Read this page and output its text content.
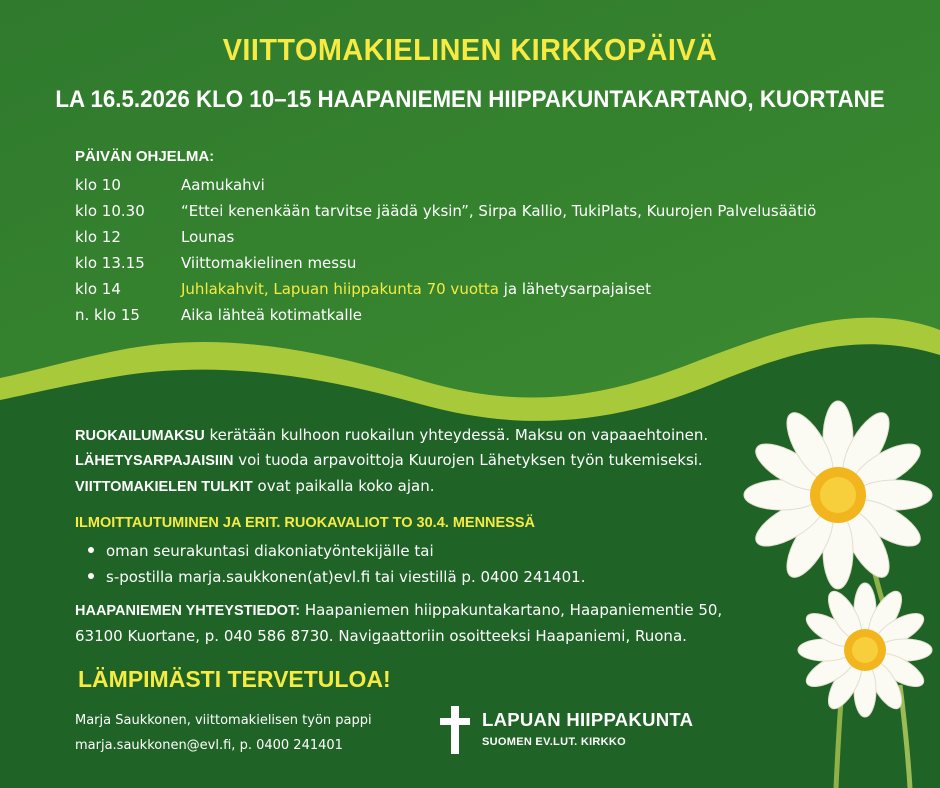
VIITTOMAKIELINEN KIRKKOPÄIVÄ
LA 16.5.2026 KLO 10–15 HAAPANIEMEN HIIPPAKUNTAKARTANO, KUORTANE
PÄIVÄN OHJELMA:
klo 10	Aamukahvi
klo 10.30 “Ettei kenenkään tarvitse jäädä yksin”, Sirpa Kallio, TukiPlats, Kuurojen Palvelusäätiö
klo 12	Lounas
klo 13.15 Viittomakielinen messu
klo 14	Juhlakahvit, Lapuan hiippakunta 70 vuotta ja lähetysarpajaiset
n. klo 15	Aika lähteä kotimatkalle
RUOKAILUMAKSU kerätään kulhoon ruokailun yhteydessä. Maksu on vapaaehtoinen.
LÄHETYSARPAJAISIIN voi tuoda arpavoittoja Kuurojen Lähetyksen työn tukemiseksi.
VIITTOMAKIELEN TULKIT ovat paikalla koko ajan.
ILMOITTAUTUMINEN JA ERIT. RUOKAVALIOT TO 30.4. MENNESSÄ
oman seurakuntasi diakoniatyöntekijälle tai
s-postilla marja.saukkonen(at)evl.fi tai viestillä p. 0400 241401.
HAAPANIEMEN YHTEYSTIEDOT: Haapaniemen hiippakuntakartano, Haapaniementie 50,
63100 Kuortane, p. 040 586 8730. Navigaattoriin osoitteeksi Haapaniemi, Ruona.
LÄMPIMÄSTI TERVETULOA!
Marja Saukkonen, viittomakielisen työn pappi
marja.saukkonen@evl.fi, p. 0400 241401
LAPUAN HIIPPAKUNTA
SUOMEN EV.LUT. KIRKKO
